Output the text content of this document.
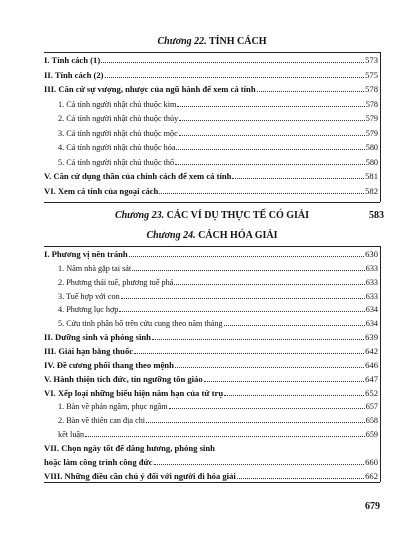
Chương 22. TÍNH CÁCH
I. Tính cách (1)	573
II. Tính cách (2)	575
III. Căn cứ sự vượng, nhược của ngũ hành để xem cá tính	578
1. Cá tính người nhật chủ thuộc kim	578
2. Cá tính người nhật chủ thuộc thủy	579
3. Cá tính người nhật chủ thuộc mộc	579
4. Cá tính người nhật chủ thuộc hỏa	580
5. Cá tính người nhật chủ thuộc thổ	580
V. Căn cứ dụng thần của chính cách để xem cá tính	581
VI. Xem cá tính của ngoại cách	582
Chương 23. CÁC VÍ DỤ THỰC TẾ CÓ GIẢI	583
Chương 24. CÁCH HÓA GIẢI
I. Phương vị nên tránh	630
1. Năm nhà gặp tai sát	633
2. Phương thái tuế, phương tuế phá	633
3. Tuế hợp với con	633
4. Phương lục hợp	634
5. Cửu tinh phân bố trên cửu cung theo năm tháng	634
II. Dưỡng sinh và phóng sinh	639
III. Giải hạn bằng thuốc	642
IV. Đề cương phối thang theo mệnh	646
V. Hành thiện tích đức, tín ngưỡng tôn giáo	647
VI. Xếp loại những biểu hiện năm hạn của tứ trụ	652
1. Bàn về phản ngâm, phục ngâm	657
2. Bàn về thiên can địa chi	658
kết luận	659
VII. Chọn ngày tốt để dâng hương, phóng sinh
hoặc làm công trình công đức	660
VIII. Những điều cần chú ý đối với người đi hóa giải	662
679
